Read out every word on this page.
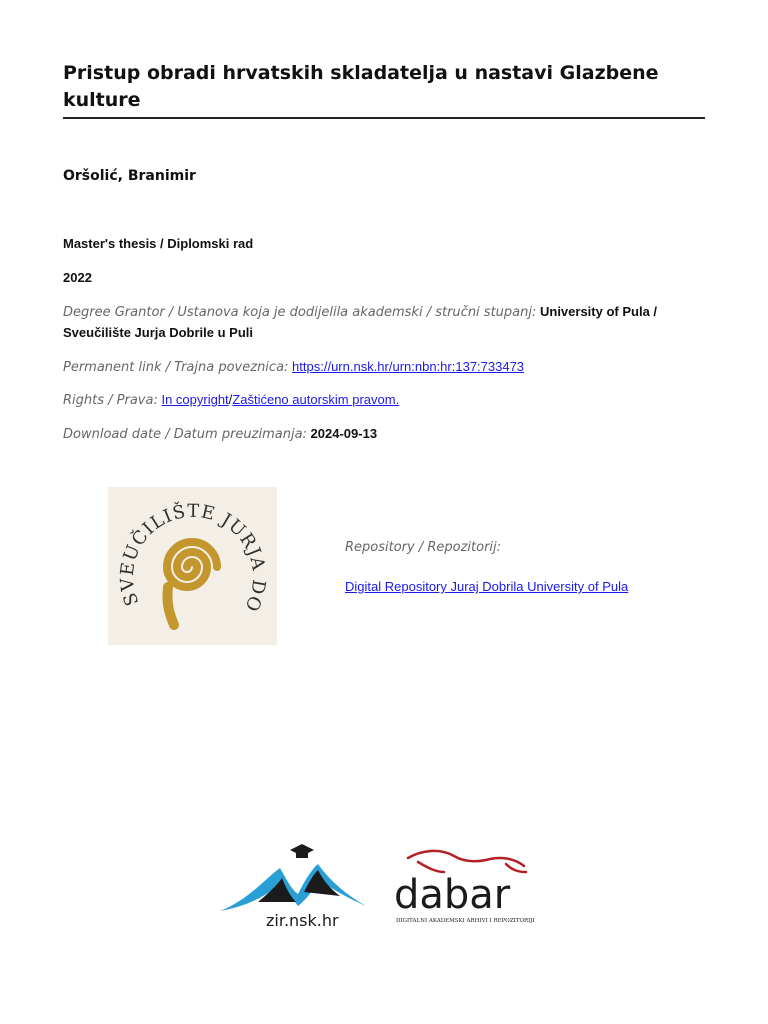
Pristup obradi hrvatskih skladatelja u nastavi Glazbene kulture
Oršolić, Branimir
Master's thesis / Diplomski rad
2022
Degree Grantor / Ustanova koja je dodijelila akademski / stručni stupanj: University of Pula / Sveučilište Jurja Dobrile u Puli
Permanent link / Trajna poveznica: https://urn.nsk.hr/urn:nbn:hr:137:733473
Rights / Prava: In copyright/Zaštićeno autorskim pravom.
Download date / Datum preuzimanja: 2024-09-13
SVEUČILIŠTE JURJA DO
Repository / Repozitorij:
Digital Repository Juraj Dobrila University of Pula
zir.nsk.hr
dabar
DIGITALNI AKADEMSKI ARHIVI I REPOZITORIJI
